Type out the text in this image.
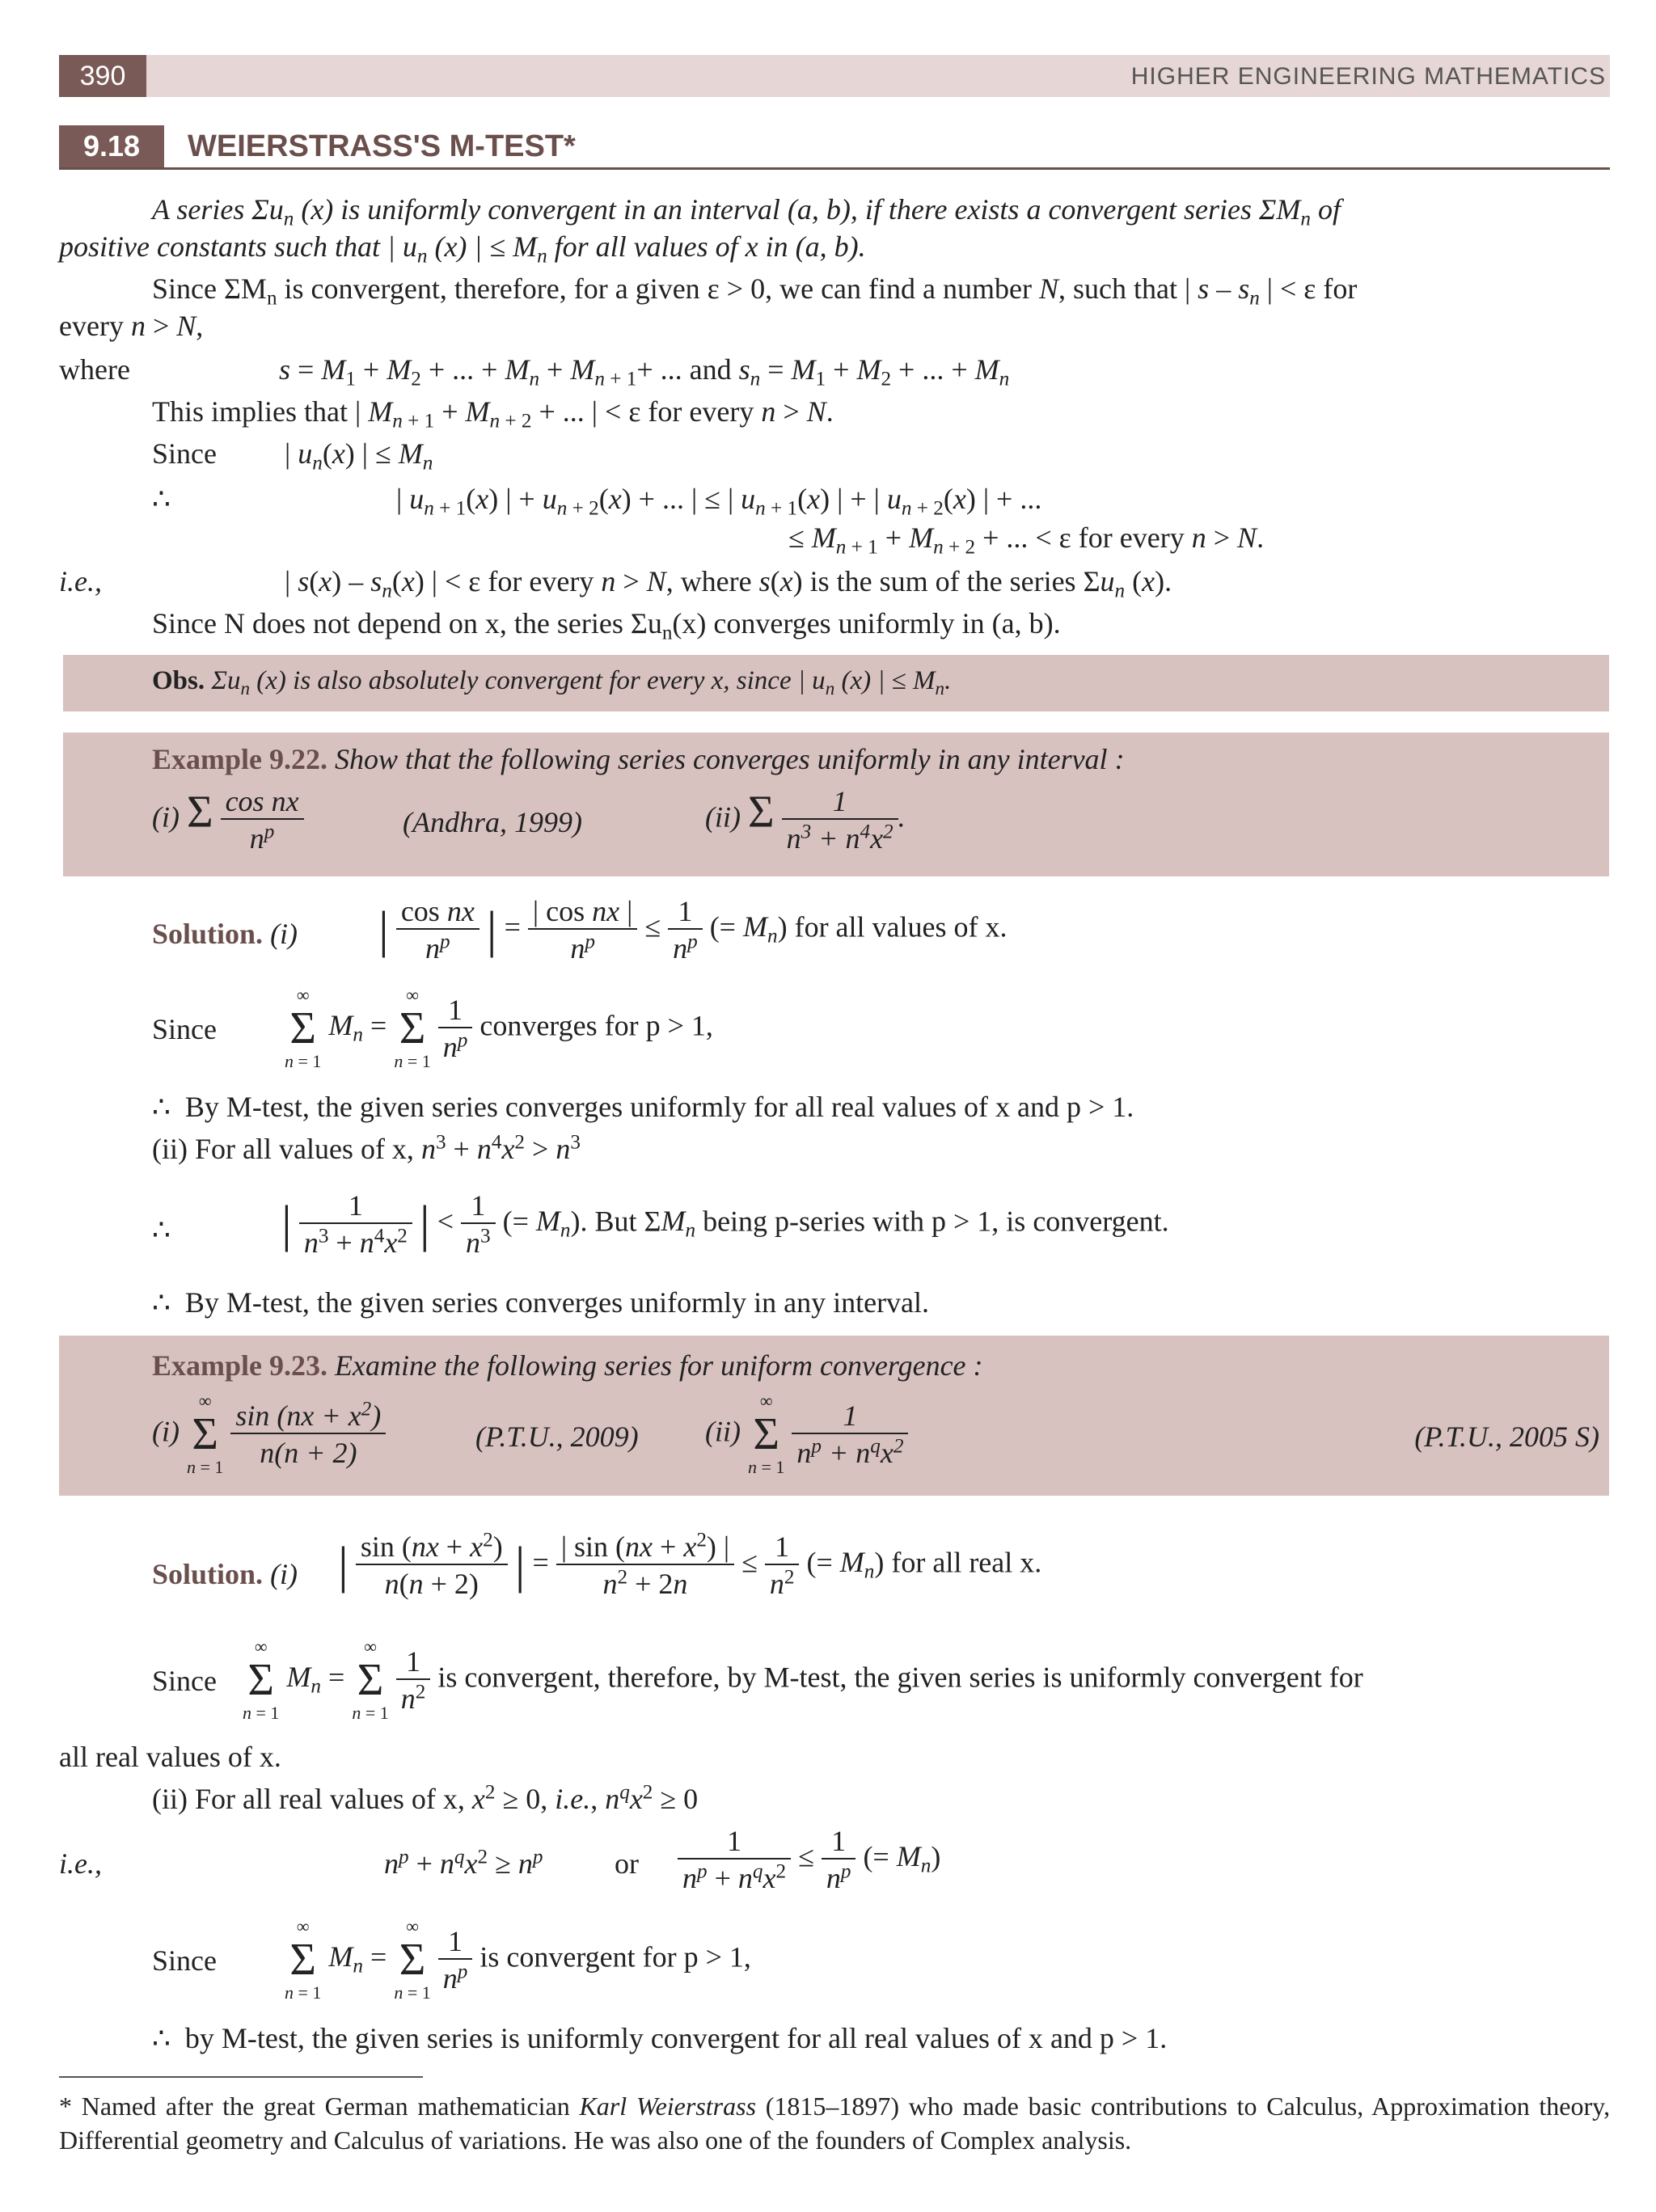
390	HIGHER ENGINEERING MATHEMATICS
9.18	WEIERSTRASS'S M-TEST*
A series $\Sigma u_n$ (x) is uniformly convergent in an interval (a, b), if there exists a convergent series $\Sigma M_n$ of
positive constants such that | $u_n$ (x) | ≤ $M_n$ for all values of x in (a, b).
Since $\Sigma M_n$ is convergent, therefore, for a given ε > 0, we can find a number N, such that | s – $s_n$ | < ε for
every n > N,
where	$s = M_1 + M_2$ + ... + $M_n + M_{n + 1}+$ ... and $s_n = M_1 + M_2$ + ... + $M_n$
This implies that | $M_{n + 1} + M_{n + 2}$ + ... | < ε for every n > N.
Since | $u_n(x)$ | ≤ $M_n$
∴	| $u_{n + 1}(x)$ | + $u_{n + 2}(x)$ + ... | ≤ | $u_{n + 1}(x)$ | + | $u_{n + 2}(x)$ | + ...
≤ $M_{n + 1} + M_{n + 2}$ + ... < ε for every n > N.
i.e.,	| $s(x) - s_n(x)$ | < ε for every n > N, where s(x) is the sum of the series $\Sigma u_n$ (x).
Since N does not depend on x, the series $\Sigma u_n(x)$ converges uniformly in (a, b).
Obs. $\Sigma u_n$ (x) is also absolutely convergent for every x, since | $u_n$ (x) | ≤ $M_n$.
Example 9.22. Show that the following series converges uniformly in any interval :
(i) Σ $\frac{\text{cos nx}}{n^p}$	(Andhra, 1999)	(ii) Σ $\frac{1}{n^3 + n^4x^2}$ .
Solution. (i) | $\frac{\text{cos nx}}{n^p}$ | = $\frac{\text{| cos nx |}}{n^p} \le \frac{1}{n^p}$ (= $M_n$) for all values of x.
Since
∞
Σ
n = 1
$M_n$ =
∞
Σ
n = 1
$\frac{1}{n^p}$ converges for p > 1,
∴  By M-test, the given series converges uniformly for all real values of x and p > 1.
(ii) For all values of x, $n^3 + n^4x^2 > n^3$
∴ | $\frac{1}{n^3 + n^4x^2}$ | < $\frac{1}{n^3}$ (= $M_n$). But $\Sigma M_n$ being p-series with p > 1, is convergent.
∴  By M-test, the given series converges uniformly in any interval.
Example 9.23. Examine the following series for uniform convergence :
(i)
∞
Σ
n = 1
$\frac{\sin (nx + x^2)}{n(n + 2)}$	(P.T.U., 2009) (ii)
∞
Σ
n = 1
$\frac{1}{n^p + n^qx^2}$	(P.T.U., 2005 S)
Solution. (i) | $\frac{\sin (nx + x^2)}{n(n + 2)}$ | = $\frac{| \sin (nx + x^2) |}{n^2 + 2n} \le \frac{1}{n^2}$ (= $M_n$) for all real x.
Since
∞
Σ
n = 1
$M_n$ =
∞
Σ
n = 1
$\frac{1}{n^2}$ is convergent, therefore, by M-test, the given series is uniformly convergent for
all real values of x.
(ii) For all real values of x, $x^2 \ge 0$, i.e., $n^qx^2 \ge 0$
i.e.,	$n^p + n^qx^2 \ge n^p$ or $\frac{1}{n^p + n^qx^2} \le \frac{1}{n^p}$ (= $M_n$)
Since
∞
Σ
n = 1
$M_n$ =
∞
Σ
n = 1
$\frac{1}{n^p}$ is convergent for p > 1,
∴  by M-test, the given series is uniformly convergent for all real values of x and p > 1.
* Named after the great German mathematician Karl Weierstrass (1815–1897) who made basic contributions to Calculus, Approximation theory, Differential geometry and Calculus of variations. He was also one of the founders of Complex analysis.
